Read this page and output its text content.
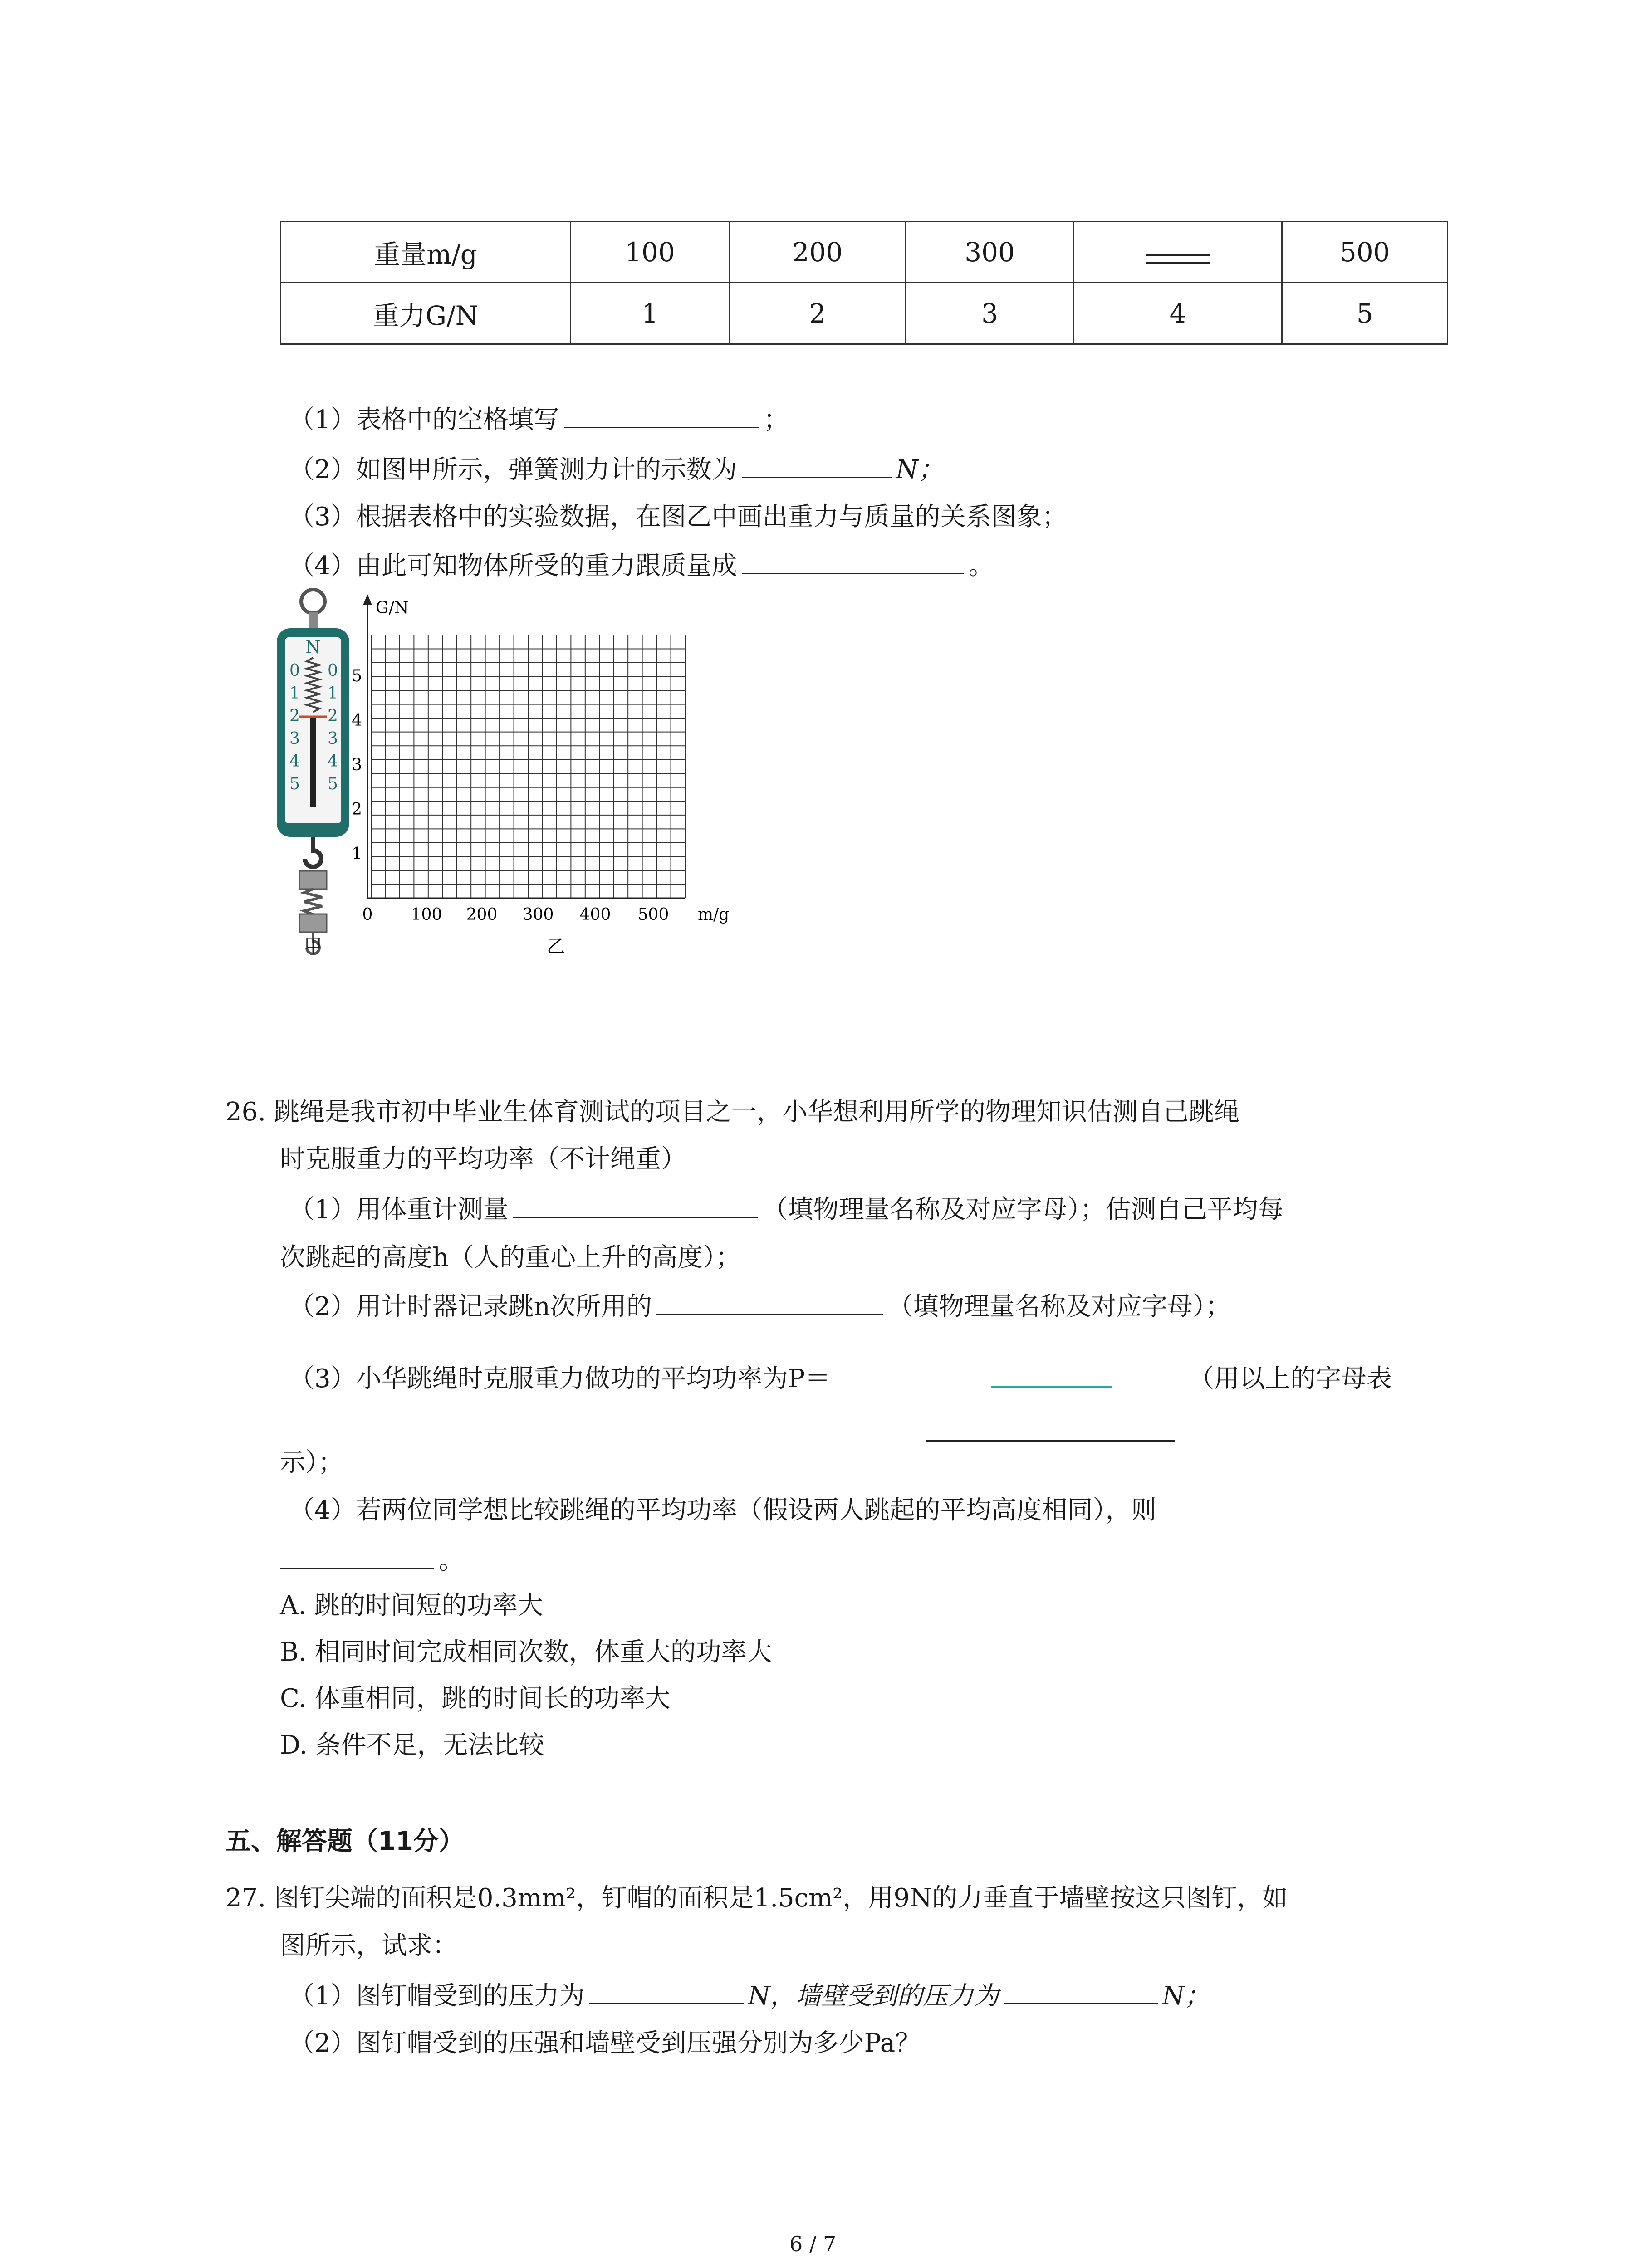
重量m/g	100	200	300		500
重力G/N	1	2	3	4	5
（1）表格中的空格填写	；
（2）如图甲所示，弹簧测力计的示数为	N；
（3）根据表格中的实验数据，在图乙中画出重力与质量的关系图象；
（4）由此可知物体所受的重力跟质量成	。
N
0
1
2
3
4
5
0
1
2
3
4
5
甲
G/N
m/g
1
2
3
4
5
0 100 200 300 400 500
乙
26. 跳绳是我市初中毕业生体育测试的项目之一，小华想利用所学的物理知识估测自己跳绳
时克服重力的平均功率（不计绳重）
（1）用体重计测量	（填物理量名称及对应字母）；估测自己平均每
次跳起的高度h（人的重心上升的高度）；
（2）用计时器记录跳n次所用的	（填物理量名称及对应字母）；
（3）小华跳绳时克服重力做功的平均功率为P＝	（用以上的字母表
示）；
（4）若两位同学想比较跳绳的平均功率（假设两人跳起的平均高度相同），则
。
A. 跳的时间短的功率大
B. 相同时间完成相同次数，体重大的功率大
C. 体重相同，跳的时间长的功率大
D. 条件不足，无法比较
五、解答题（11分）
27. 图钉尖端的面积是0.3mm²，钉帽的面积是1.5cm²，用9N的力垂直于墙壁按这只图钉，如
图所示，试求：
（1）图钉帽受到的压力为	N，墙壁受到的压力为	N；
（2）图钉帽受到的压强和墙壁受到压强分别为多少Pa？
6 / 7
